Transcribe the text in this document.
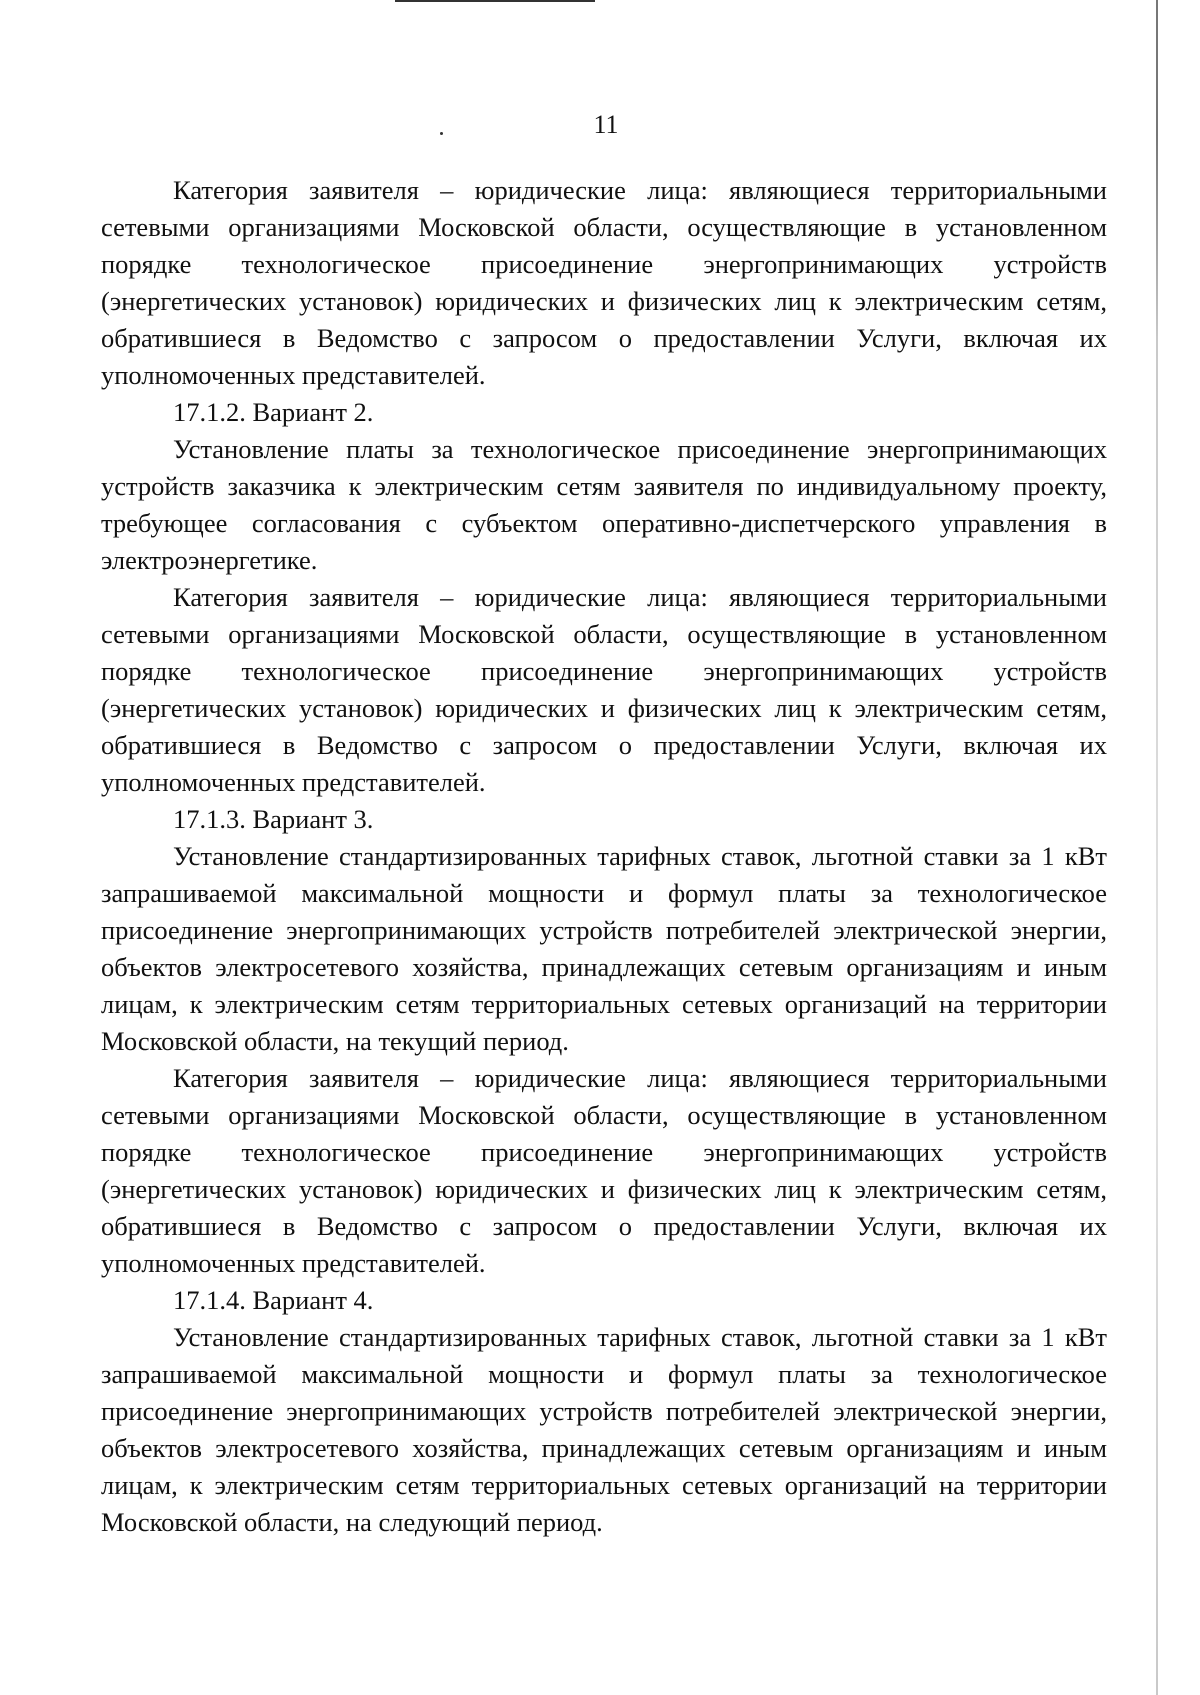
11

Категория заявителя – юридические лица: являющиеся территориальными сетевыми организациями Московской области, осуществляющие в установленном порядке технологическое присоединение энергопринимающих устройств (энергетических установок) юридических и физических лиц к электрическим сетям, обратившиеся в Ведомство с запросом о предоставлении Услуги, включая их уполномоченных представителей.

17.1.2. Вариант 2.

Установление платы за технологическое присоединение энергопринимающих устройств заказчика к электрическим сетям заявителя по индивидуальному проекту, требующее согласования с субъектом оперативно-диспетчерского управления в электроэнергетике.

Категория заявителя – юридические лица: являющиеся территориальными сетевыми организациями Московской области, осуществляющие в установленном порядке технологическое присоединение энергопринимающих устройств (энергетических установок) юридических и физических лиц к электрическим сетям, обратившиеся в Ведомство с запросом о предоставлении Услуги, включая их уполномоченных представителей.

17.1.3. Вариант 3.

Установление стандартизированных тарифных ставок, льготной ставки за 1 кВт запрашиваемой максимальной мощности и формул платы за технологическое присоединение энергопринимающих устройств потребителей электрической энергии, объектов электросетевого хозяйства, принадлежащих сетевым организациям и иным лицам, к электрическим сетям территориальных сетевых организаций на территории Московской области, на текущий период.

Категория заявителя – юридические лица: являющиеся территориальными сетевыми организациями Московской области, осуществляющие в установленном порядке технологическое присоединение энергопринимающих устройств (энергетических установок) юридических и физических лиц к электрическим сетям, обратившиеся в Ведомство с запросом о предоставлении Услуги, включая их уполномоченных представителей.

17.1.4. Вариант 4.

Установление стандартизированных тарифных ставок, льготной ставки за 1 кВт запрашиваемой максимальной мощности и формул платы за технологическое присоединение энергопринимающих устройств потребителей электрической энергии, объектов электросетевого хозяйства, принадлежащих сетевым организациям и иным лицам, к электрическим сетям территориальных сетевых организаций на территории Московской области, на следующий период.
